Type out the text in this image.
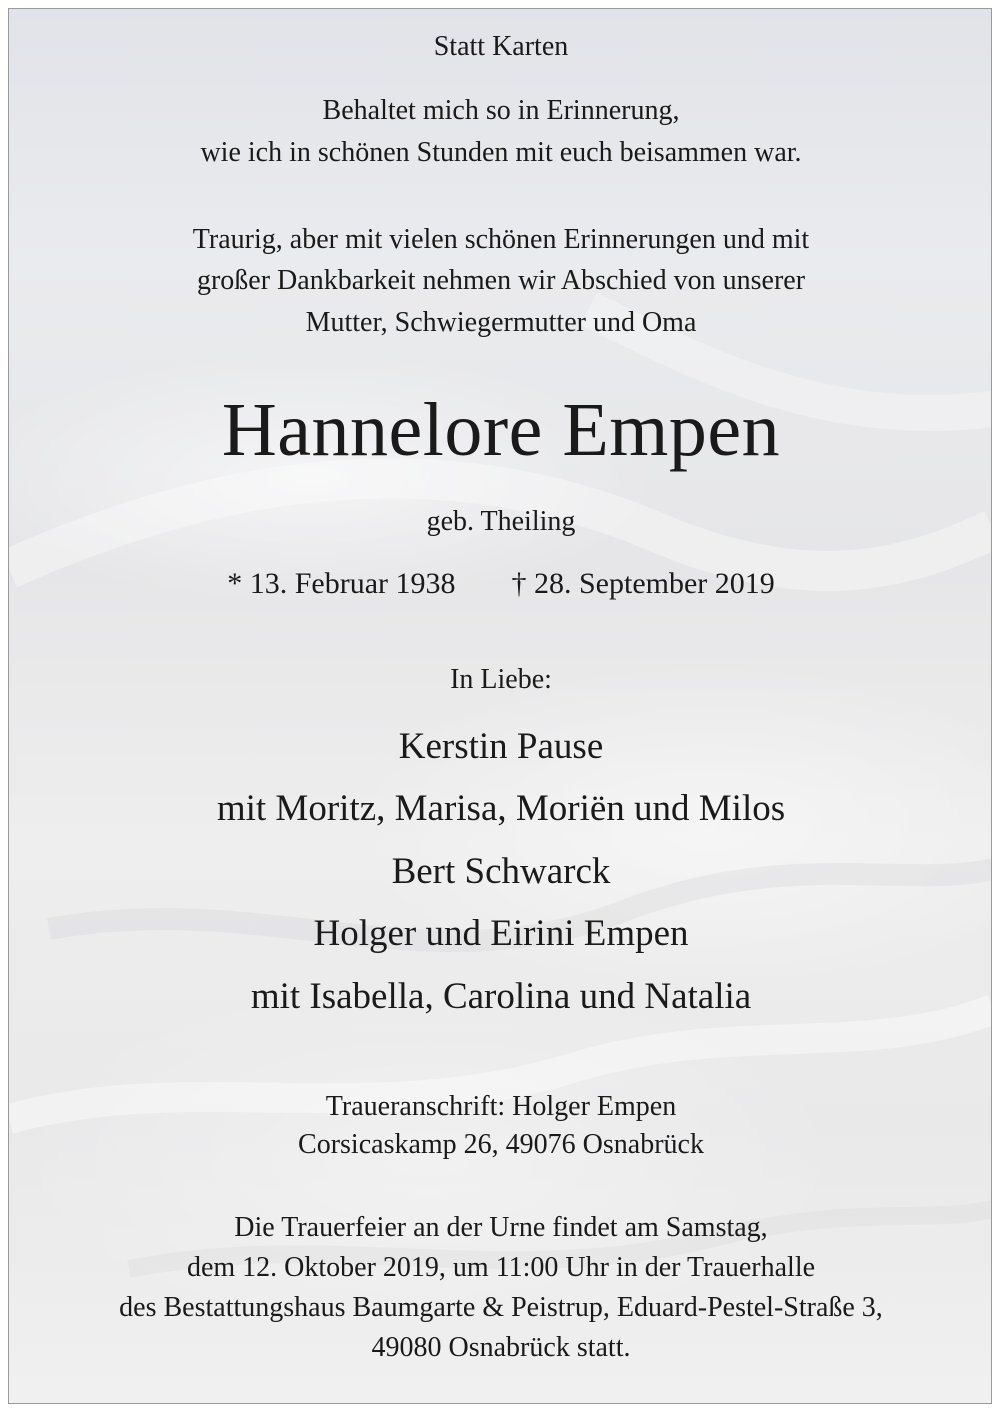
Statt Karten
Behaltet mich so in Erinnerung,
wie ich in schönen Stunden mit euch beisammen war.
Traurig, aber mit vielen schönen Erinnerungen und mit
großer Dankbarkeit nehmen wir Abschied von unserer
Mutter, Schwiegermutter und Oma
Hannelore Empen
geb. Theiling
* 13. Februar 1938 † 28. September 2019
In Liebe:
Kerstin Pause
mit Moritz, Marisa, Moriën und Milos
Bert Schwarck
Holger und Eirini Empen
mit Isabella, Carolina und Natalia
Traueranschrift: Holger Empen
Corsicaskamp 26, 49076 Osnabrück
Die Trauerfeier an der Urne findet am Samstag,
dem 12. Oktober 2019, um 11:00 Uhr in der Trauerhalle
des Bestattungshaus Baumgarte & Peistrup, Eduard-Pestel-Straße 3,
49080 Osnabrück statt.
